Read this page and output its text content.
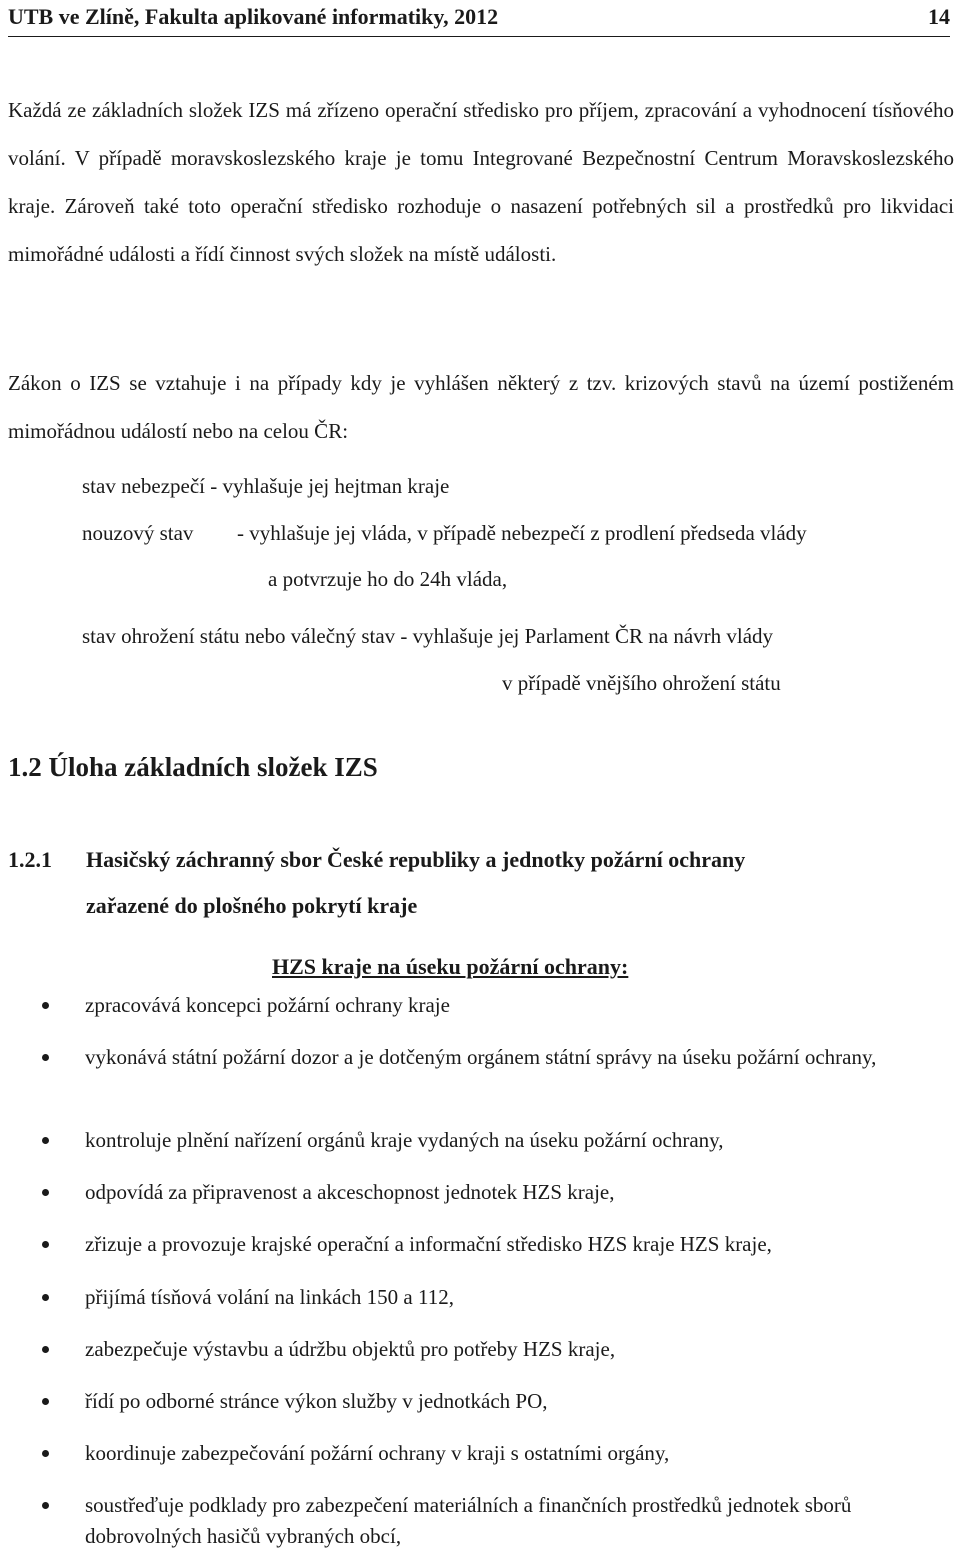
UTB ve Zlíně, Fakulta aplikované informatiky, 2012	14

Každá ze základních složek IZS má zřízeno operační středisko pro příjem, zpracování a vyhodnocení tísňového volání. V případě moravskoslezského kraje je tomu Integrované Bezpečnostní Centrum Moravskoslezského kraje. Zároveň také toto operační středisko rozhoduje o nasazení potřebných sil a prostředků pro likvidaci mimořádné události a řídí činnost svých složek na místě události.

Zákon o IZS se vztahuje i na případy kdy je vyhlášen některý z tzv. krizových stavů na území postiženém mimořádnou událostí nebo na celou ČR:

stav nebezpečí - vyhlašuje jej hejtman kraje
nouzový stav - vyhlašuje jej vláda, v případě nebezpečí z prodlení předseda vlády
a potvrzuje ho do 24h vláda,
stav ohrožení státu nebo válečný stav - vyhlašuje jej Parlament ČR na návrh vlády
v případě vnějšího ohrožení státu
1.2 Úloha základních složek IZS
1.2.1 Hasičský záchranný sbor České republiky a jednotky požární ochrany
zařazené do plošného pokrytí kraje
HZS kraje na úseku požární ochrany:
zpracovává koncepci požární ochrany kraje
vykonává státní požární dozor a je dotčeným orgánem státní správy na úseku požární ochrany,
kontroluje plnění nařízení orgánů kraje vydaných na úseku požární ochrany,
odpovídá za připravenost a akceschopnost jednotek HZS kraje,
zřizuje a provozuje krajské operační a informační středisko HZS kraje HZS kraje,
přijímá tísňová volání na linkách 150 a 112,
zabezpečuje výstavbu a údržbu objektů pro potřeby HZS kraje,
řídí po odborné stránce výkon služby v jednotkách PO,
koordinuje zabezpečování požární ochrany v kraji s ostatními orgány,
soustřeďuje podklady pro zabezpečení materiálních a finančních prostředků jednotek sborů dobrovolných hasičů vybraných obcí,
